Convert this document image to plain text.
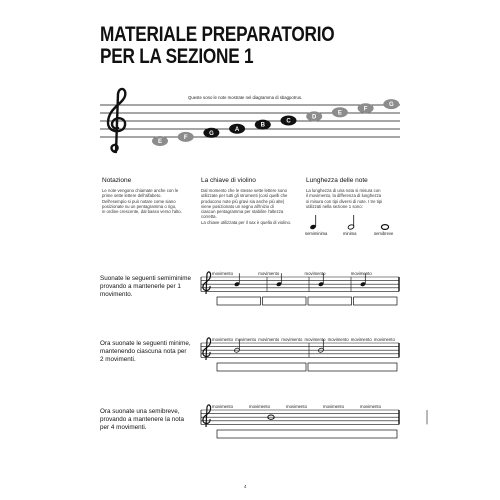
MATERIALE PREPARATORIO
PER LA SEZIONE 1
Queste sono le note mostrate nel diagramma di sbagpotrus.
E
F
G
A
B
C
D
E
F
G
Notazione
Le note vengono chiamate anche con le
prime sette lettere dell'alfabeto.
Dell'esempio si può notare come siano
posizionate su un pentagramma o rigo,
in ordine crescente, dal basso verso l'alto.
La chiave di violino
Dal momento che le stesse sette lettere sono
utilizzate per tutti gli strumenti (così quelli che
producono note più gravi sia anche più alte)
viene posizionato un segno all'inizio di
ciascun pentagramma per stabilire l'altezza
corretta.
La chiave utilizzata per il sax è quella di violino.
Lunghezza delle note
La lunghezza di una nota si misura con
il movimento, la differenza di lunghezza
si misura con tipi diversi di note. I tre tipi
utilizzati nella sezione 1 sono:
semiminima	minima	semibreve
Suonate le seguenti semiminime
provando a mantenerle per 1
movimento.
Ora suonate le seguenti minime,
mantenendo ciascuna nota per
2 movimenti.
Ora suonate una semibreve,
provando a mantenere la nota
per 4 movimenti.
movimento	movimento	movimento	movimento
movimento movimento movimento movimento movimento movimento movimento movimento
movimento	movimento	movimento	movimento	movimento
4
